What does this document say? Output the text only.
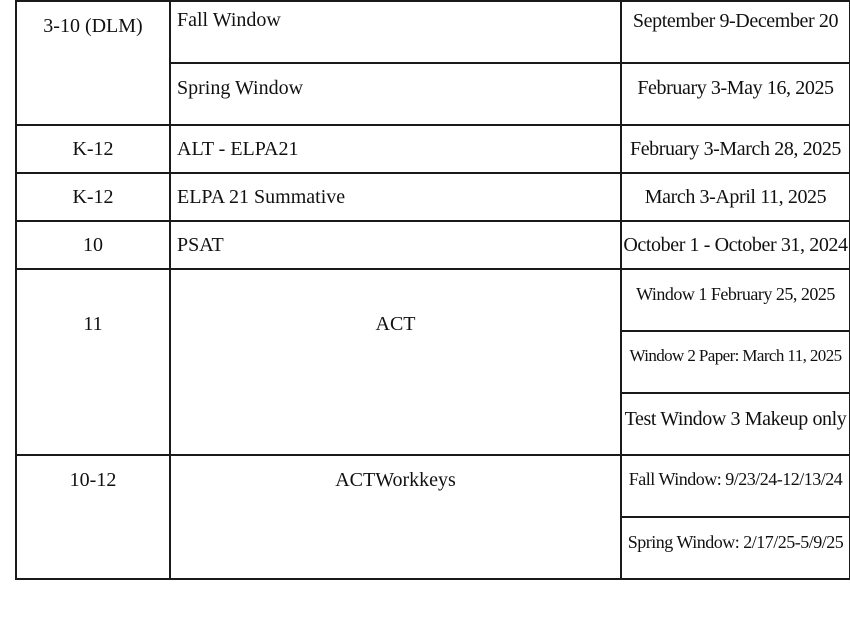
3-10 (DLM)	Fall Window	September 9-December 20
	Spring Window	February 3-May 16, 2025
K-12	ALT - ELPA21	February 3-March 28, 2025
K-12	ELPA 21 Summative	March 3-April 11, 2025
10	PSAT	October 1 - October 31, 2024

11	ACT	Window 1 February 25, 2025
		$^{Window 2 Paper: March 11, 2025}$
		Test Window 3 Makeup only

10-12	ACTWorkkeys	Fall Window: 9/23/24-12/13/24
		Spring Window: 2/17/25-5/9/25
